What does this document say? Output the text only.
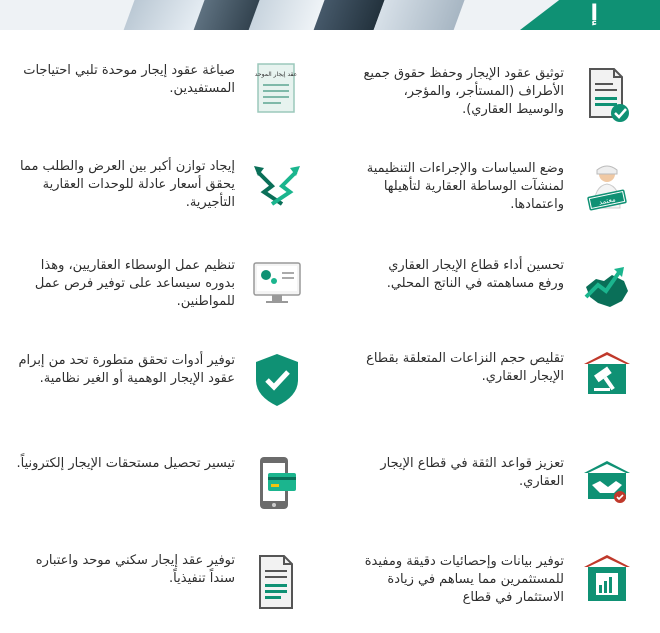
إ
توثيق عقود الإيجار وحفظ حقوق جميع الأطراف (المستأجر، والمؤجر، والوسيط العقاري).
معتمد
وضع السياسات والإجراءات التنظيمية لمنشآت الوساطة العقارية لتأهيلها واعتمادها.
تحسين أداء قطاع الإيجار العقاري ورفع مساهمته في الناتج المحلي.
تقليص حجم النزاعات المتعلقة بقطاع الإيجار العقاري.
تعزيز قواعد الثقة في قطاع الإيجار العقاري.
توفير بيانات وإحصائيات دقيقة ومفيدة للمستثمرين مما يساهم في زيادة الاستثمار في قطاع
عقد إيجار الموحد
صياغة عقود إيجار موحدة تلبي احتياجات المستفيدين.
إيجاد توازن أكبر بين العرض والطلب مما يحقق أسعار عادلة للوحدات العقارية التأجيرية.
تنظيم عمل الوسطاء العقاريين، وهذا بدوره سيساعد على توفير فرص عمل للمواطنين.
توفير أدوات تحقق متطورة تحد من إبرام عقود الإيجار الوهمية أو الغير نظامية.
تيسير تحصيل مستحقات الإيجار إلكترونياً.
توفير عقد إيجار سكني موحد واعتباره سنداً تنفيذياً.
